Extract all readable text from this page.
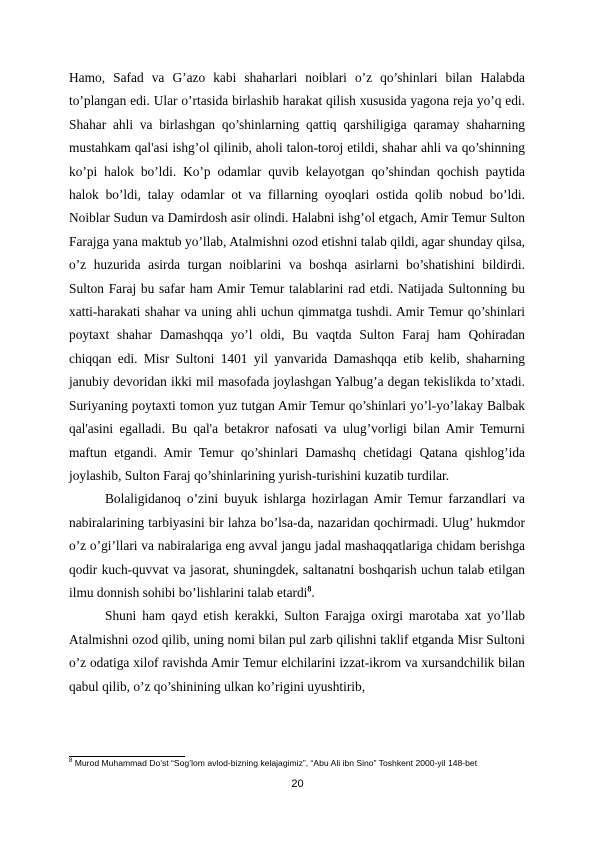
Hamo, Safad va G’azo kabi shaharlari noiblari o’z qo’shinlari bilan Halabda to’plangan edi. Ular o’rtasida birlashib harakat qilish xususida yagona reja yo’q edi. Shahar ahli va birlashgan qo’shinlarning qattiq qarshiligiga qaramay shaharning mustahkam qal'asi ishg’ol qilinib, aholi talon-toroj etildi, shahar ahli va qo’shinning ko’pi halok bo’ldi. Ko’p odamlar quvib kelayotgan qo’shindan qochish paytida halok bo’ldi, talay odamlar ot va fillarning oyoqlari ostida qolib nobud bo’ldi. Noiblar Sudun va Damirdosh asir olindi. Halabni ishg’ol etgach, Amir Temur Sulton Farajga yana maktub yo’llab, Atalmishni ozod etishni talab qildi, agar shunday qilsa, o’z huzurida asirda turgan noiblarini va boshqa asirlarni bo’shatishini bildirdi. Sulton Faraj bu safar ham Amir Temur talablarini rad etdi. Natijada Sultonning bu xatti-harakati shahar va uning ahli uchun qimmatga tushdi. Amir Temur qo’shinlari poytaxt shahar Damashqqa yo’l oldi, Bu vaqtda Sulton Faraj ham Qohiradan chiqqan edi. Misr Sultoni 1401 yil yanvarida Damashqqa etib kelib, shaharning janubiy devoridan ikki mil masofada joylashgan Yalbug’a degan tekislikda to’xtadi. Suriyaning poytaxti tomon yuz tutgan Amir Temur qo’shinlari yo’l-yo’lakay Balbak qal'asini egalladi. Bu qal'a betakror nafosati va ulug’vorligi bilan Amir Temurni maftun etgandi. Amir Temur qo’shinlari Damashq chetidagi Qatana qishlog’ida joylashib, Sulton Faraj qo’shinlarining yurish-turishini kuzatib turdilar.

Bolaligidanoq o’zini buyuk ishlarga hozirlagan Amir Temur farzandlari va nabiralarining tarbiyasini bir lahza bo’lsa-da, nazaridan qochirmadi. Ulug’ hukmdor o’z o’gi’llari va nabiralariga eng avval jangu jadal mashaqqatlariga chidam berishga qodir kuch-quvvat va jasorat, shuningdek, saltanatni boshqarish uchun talab etilgan ilmu donnish sohibi bo’lishlarini talab etardi$^8$.

Shuni ham qayd etish kerakki, Sulton Farajga oxirgi marotaba xat yo’llab Atalmishni ozod qilib, uning nomi bilan pul zarb qilishni taklif etganda Misr Sultoni o’z odatiga xilof ravishda Amir Temur elchilarini izzat-ikrom va xursandchilik bilan qabul qilib, o’z qo’shinining ulkan ko’rigini uyushtirib,

$^8$ Murod Muhammad Do’st “Sog’lom avlod-bizning kelajagimiz”, “Abu Ali ibn Sino” Toshkent 2000-yil 148-bet
20
